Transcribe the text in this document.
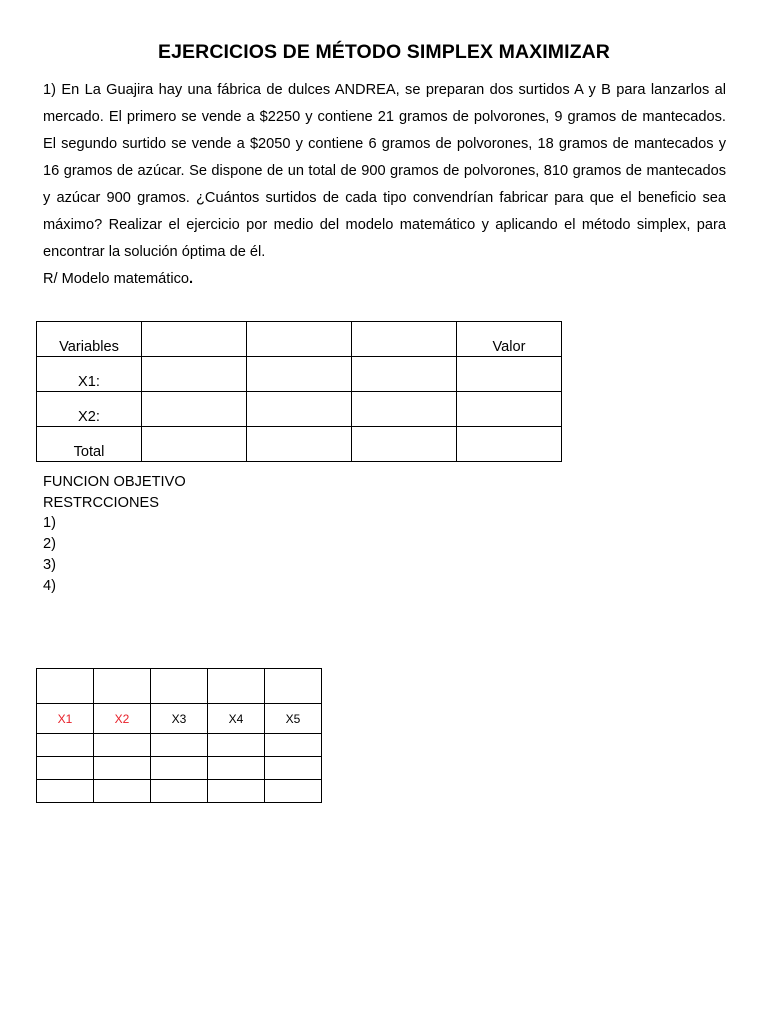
EJERCICIOS DE MÉTODO SIMPLEX MAXIMIZAR

1) En La Guajira hay una fábrica de dulces ANDREA, se preparan dos surtidos A y B para lanzarlos al mercado. El primero se vende a $2250 y contiene 21 gramos de polvorones, 9 gramos de mantecados. El segundo surtido se vende a $2050 y contiene 6 gramos de polvorones, 18 gramos de mantecados y 16 gramos de azúcar. Se dispone de un total de 900 gramos de polvorones, 810 gramos de mantecados y azúcar 900 gramos. ¿Cuántos surtidos de cada tipo convendrían fabricar para que el beneficio sea máximo? Realizar el ejercicio por medio del modelo matemático y aplicando el método simplex, para encontrar la solución óptima de él.

R/ Modelo matemático.

Variables				Valor
X1:				
X2:				
Total				
FUNCION OBJETIVO
RESTRCCIONES
1)
2)
3)
4)

X1	X2	X3	X4	X5
